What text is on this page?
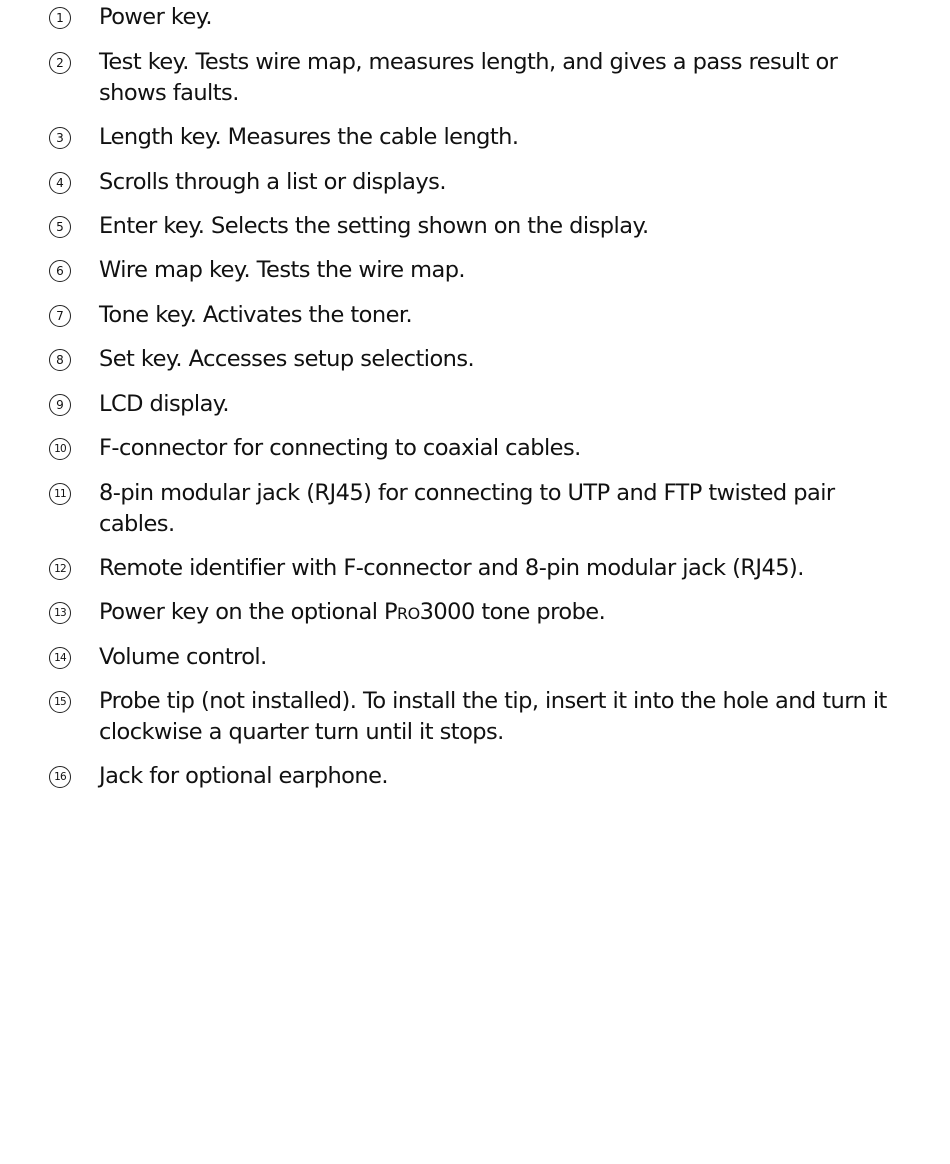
1	Power key.
2	Test key. Tests wire map, measures length, and gives a pass result or shows faults.
3	Length key. Measures the cable length.
4	Scrolls through a list or displays.
5	Enter key. Selects the setting shown on the display.
6	Wire map key. Tests the wire map.
7	Tone key. Activates the toner.
8	Set key. Accesses setup selections.
9	LCD display.
10 F-connector for connecting to coaxial cables.
11 8-pin modular jack (RJ45) for connecting to UTP and FTP twisted pair cables.
12 Remote identifier with F-connector and 8-pin modular jack (RJ45).
13 Power key on the optional Pro3000 tone probe.
14 Volume control.
15 Probe tip (not installed). To install the tip, insert it into the hole and turn it clockwise a quarter turn until it stops.
16 Jack for optional earphone.
